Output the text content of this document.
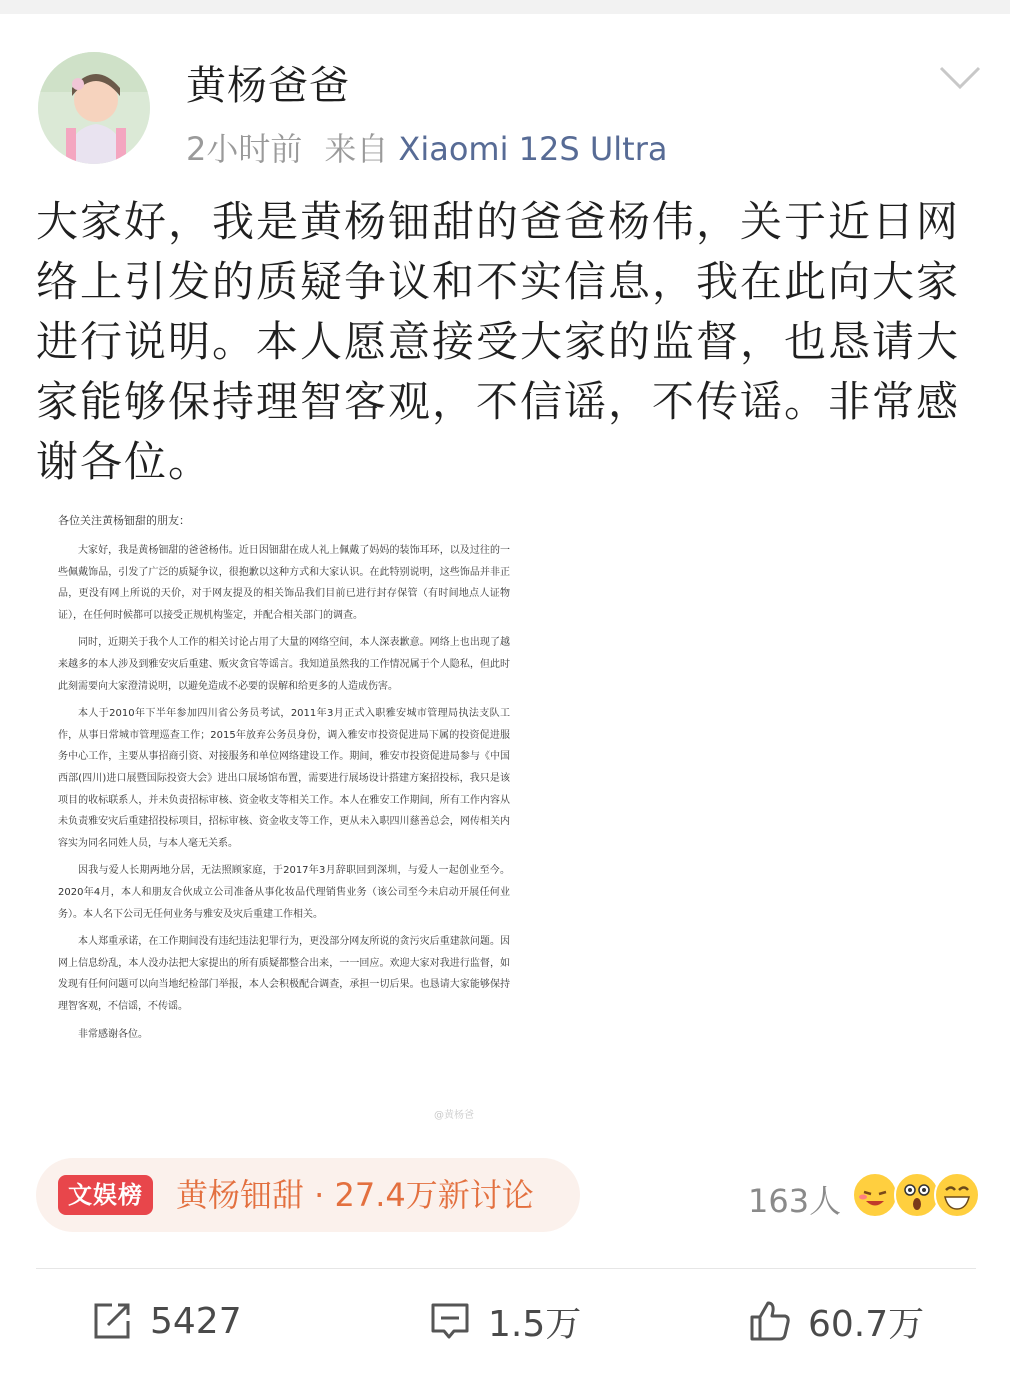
黄杨爸爸
2小时前 来自 Xiaomi 12S Ultra
大家好，我是黄杨钿甜的爸爸杨伟，关于近日网络上引发的质疑争议和不实信息，我在此向大家进行说明。本人愿意接受大家的监督，也恳请大家能够保持理智客观，不信谣，不传谣。非常感谢各位。
各位关注黄杨钿甜的朋友：

大家好，我是黄杨钿甜的爸爸杨伟。近日因钿甜在成人礼上佩戴了妈妈的装饰耳环，以及过往的一些佩戴饰品，引发了广泛的质疑争议，很抱歉以这种方式和大家认识。在此特别说明，这些饰品并非正品，更没有网上所说的天价，对于网友提及的相关饰品我们目前已进行封存保管（有时间地点人证物证），在任何时候都可以接受正规机构鉴定，并配合相关部门的调查。

同时，近期关于我个人工作的相关讨论占用了大量的网络空间，本人深表歉意。网络上也出现了越来越多的本人涉及到雅安灾后重建、贩灾贪官等谣言。我知道虽然我的工作情况属于个人隐私，但此时此刻需要向大家澄清说明，以避免造成不必要的误解和给更多的人造成伤害。

本人于2010年下半年参加四川省公务员考试，2011年3月正式入职雅安城市管理局执法支队工作，从事日常城市管理巡查工作；2015年放弃公务员身份，调入雅安市投资促进局下属的投资促进服务中心工作，主要从事招商引资、对接服务和单位网络建设工作。期间，雅安市投资促进局参与《中国西部(四川)进口展暨国际投资大会》进出口展场馆布置，需要进行展场设计搭建方案招投标，我只是该项目的收标联系人，并未负责招标审核、资金收支等相关工作。本人在雅安工作期间，所有工作内容从未负责雅安灾后重建招投标项目，招标审核、资金收支等工作，更从未入职四川慈善总会，网传相关内容实为同名同姓人员，与本人毫无关系。

因我与爱人长期两地分居，无法照顾家庭，于2017年3月辞职回到深圳，与爱人一起创业至今。2020年4月，本人和朋友合伙成立公司准备从事化妆品代理销售业务（该公司至今未启动开展任何业务）。本人名下公司无任何业务与雅安及灾后重建工作相关。

本人郑重承诺，在工作期间没有违纪违法犯罪行为，更没部分网友所说的贪污灾后重建款问题。因网上信息纷乱，本人没办法把大家提出的所有质疑都整合出来，一一回应。欢迎大家对我进行监督，如发现有任何问题可以向当地纪检部门举报，本人会积极配合调查，承担一切后果。也恳请大家能够保持理智客观，不信谣，不传谣。

非常感谢各位。
@黄杨爸
文娱榜	黄杨钿甜 · 27.4万新讨论	163人
5427	1.5万	60.7万
